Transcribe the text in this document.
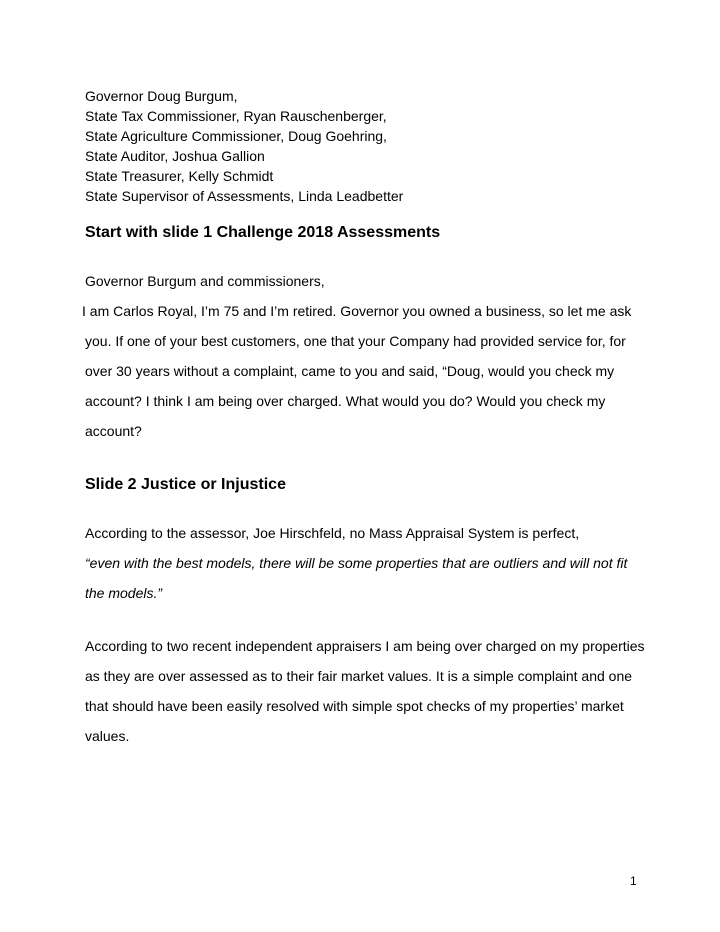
Governor Doug Burgum,
State Tax Commissioner, Ryan Rauschenberger,
State Agriculture Commissioner, Doug Goehring,
State Auditor, Joshua Gallion
State Treasurer, Kelly Schmidt
State Supervisor of Assessments, Linda Leadbetter

Start with slide 1 Challenge 2018 Assessments

Governor Burgum and commissioners,

I am Carlos Royal, I’m 75 and I’m retired. Governor you owned a business, so let me ask you. If one of your best customers, one that your Company had provided service for, for over 30 years without a complaint, came to you and said, “Doug, would you check my account? I think I am being over charged. What would you do? Would you check my account?

Slide 2 Justice or Injustice

According to the assessor, Joe Hirschfeld, no Mass Appraisal System is perfect,

“even with the best models, there will be some properties that are outliers and will not fit the models.”

According to two recent independent appraisers I am being over charged on my properties as they are over assessed as to their fair market values. It is a simple complaint and one that should have been easily resolved with simple spot checks of my properties’ market values.

1
